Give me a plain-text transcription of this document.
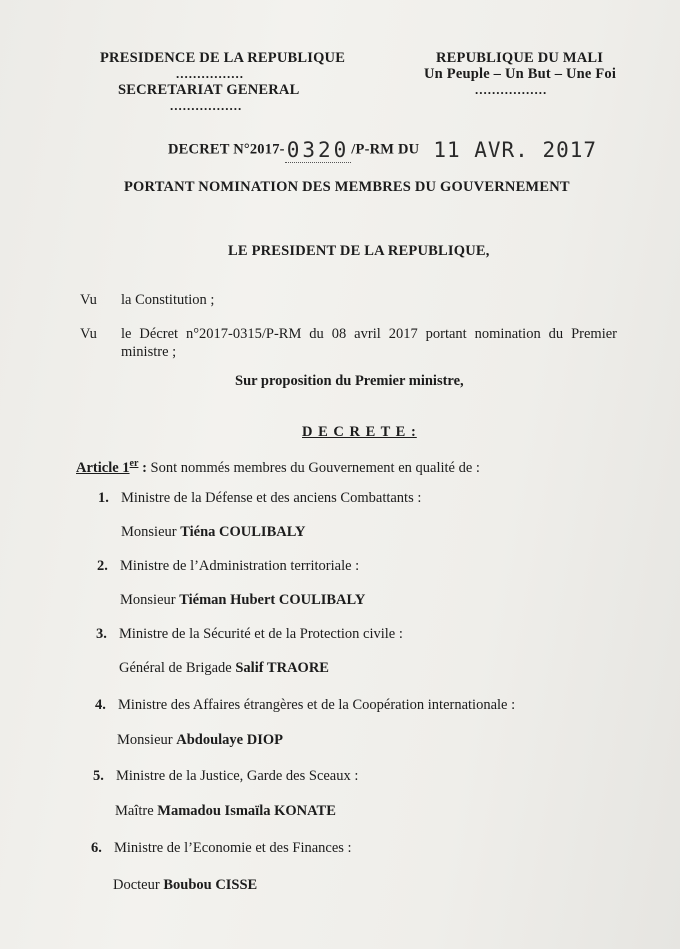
PRESIDENCE DE LA REPUBLIQUE
................
SECRETARIAT GENERAL
.................
REPUBLIQUE DU MALI
Un Peuple – Un But – Une Foi
.................
DECRET N°2017-0320 /P-RM DU 11 AVR. 2017
PORTANT NOMINATION DES MEMBRES DU GOUVERNEMENT
LE PRESIDENT DE LA REPUBLIQUE,
Vu la Constitution ;
Vu le Décret n°2017-0315/P-RM du 08 avril 2017 portant nomination du Premier
ministre ;
Sur proposition du Premier ministre,
D E C R E T E :
Article 1er : Sont nommés membres du Gouvernement en qualité de :
1. Ministre de la Défense et des anciens Combattants :
Monsieur Tiéna COULIBALY
2. Ministre de l’Administration territoriale :
Monsieur Tiéman Hubert COULIBALY
3. Ministre de la Sécurité et de la Protection civile :
Général de Brigade Salif TRAORE
4. Ministre des Affaires étrangères et de la Coopération internationale :
Monsieur Abdoulaye DIOP
5. Ministre de la Justice, Garde des Sceaux :
Maître Mamadou Ismaïla KONATE
6. Ministre de l’Economie et des Finances :
Docteur Boubou CISSE
